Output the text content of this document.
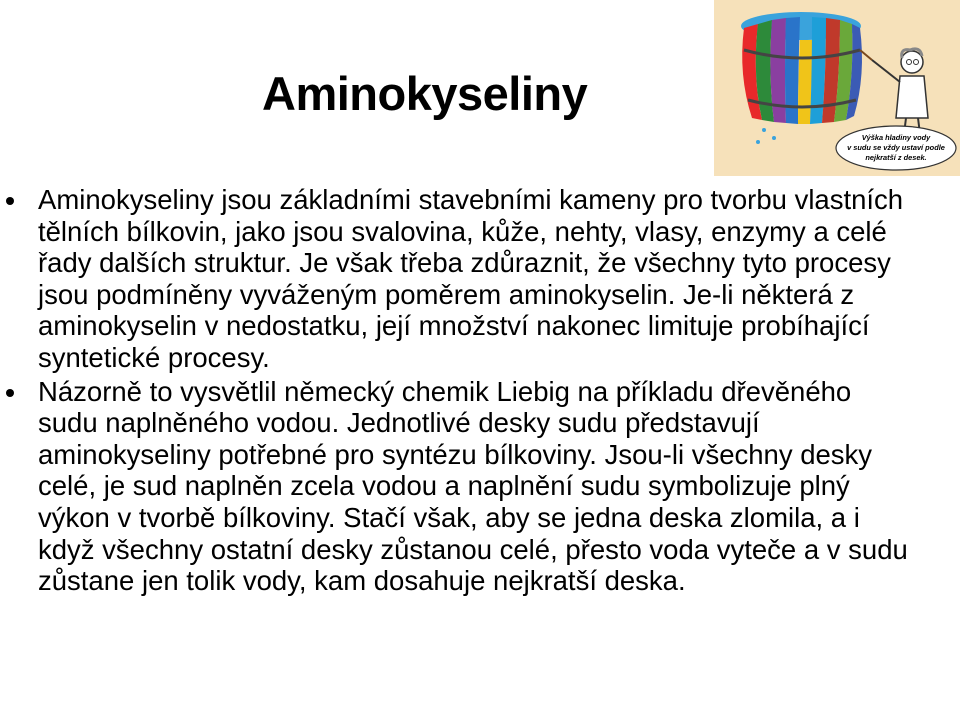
Aminokyseliny
Výška hladiny vody
v sudu se vždy ustaví podle
nejkratší z desek.
Aminokyseliny jsou základními stavebními kameny pro tvorbu vlastních tělních bílkovin, jako jsou svalovina, kůže, nehty, vlasy, enzymy a celé řady dalších struktur. Je však třeba zdůraznit, že všechny tyto procesy jsou podmíněny vyváženým poměrem aminokyselin. Je-li některá z aminokyselin v nedostatku, její množství nakonec limituje probíhající syntetické procesy.
Názorně to vysvětlil německý chemik Liebig na příkladu dřevěného sudu naplněného vodou. Jednotlivé desky sudu představují aminokyseliny potřebné pro syntézu bílkoviny. Jsou-li všechny desky celé, je sud naplněn zcela vodou a naplnění sudu symbolizuje plný výkon v tvorbě bílkoviny. Stačí však, aby se jedna deska zlomila, a i když všechny ostatní desky zůstanou celé, přesto voda vyteče a v sudu zůstane jen tolik vody, kam dosahuje nejkratší deska.
